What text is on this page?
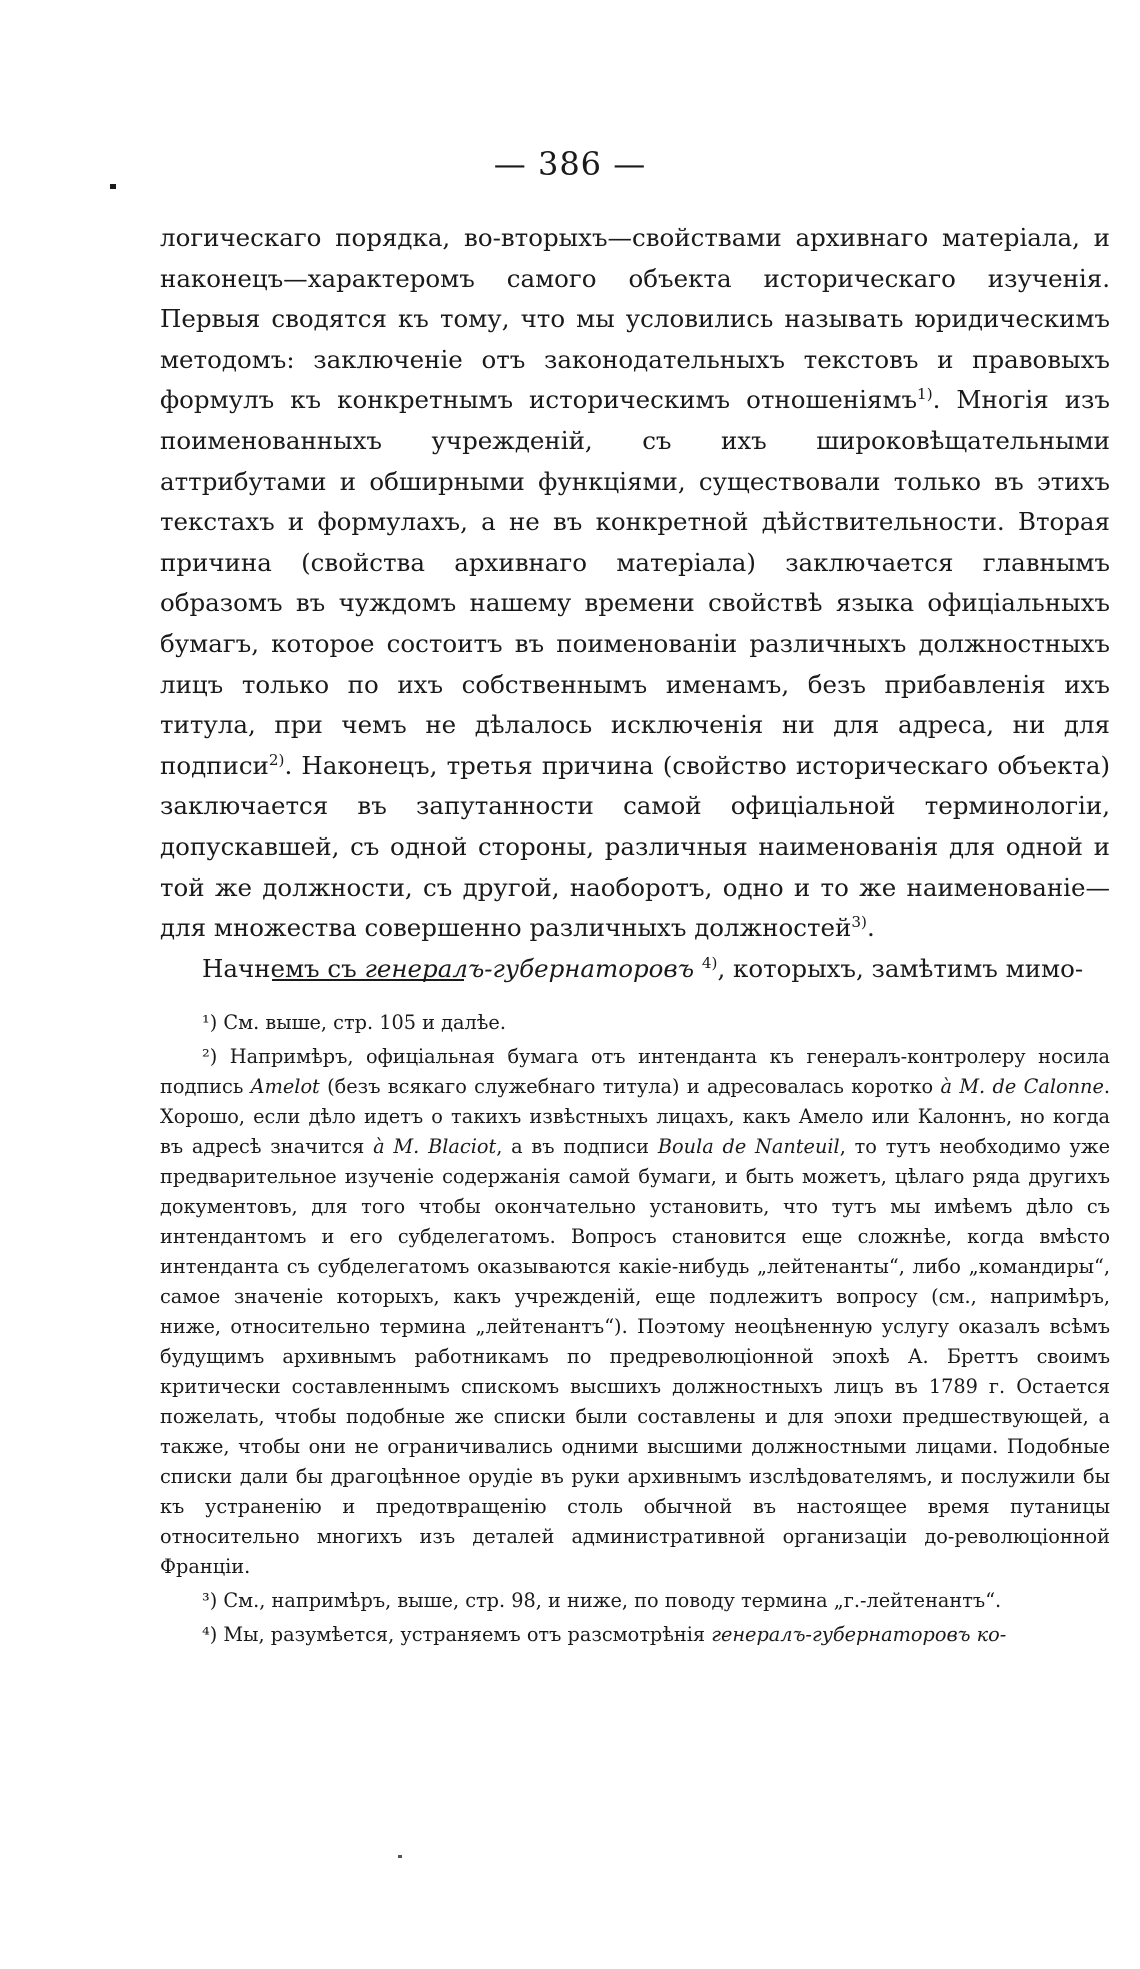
— 386 —

логическаго порядка, во-вторыхъ—свойствами архивнаго матеріала, и наконецъ—характеромъ самого объекта историческаго изученія. Первыя сводятся къ тому, что мы условились называть юридическимъ методомъ: заключеніе отъ законодательныхъ текстовъ и правовыхъ формулъ къ конкретнымъ историческимъ отношеніямъ$^{1)}$. Многія изъ поименованныхъ учрежденій, съ ихъ широковѣщательными аттрибутами и обширными функціями, существовали только въ этихъ текстахъ и формулахъ, а не въ конкретной дѣйствительности. Вторая причина (свойства архивнаго матеріала) заключается главнымъ образомъ въ чуждомъ нашему времени свойствѣ языка офиціальныхъ бумагъ, которое состоитъ въ поименованіи различныхъ должностныхъ лицъ только по ихъ собственнымъ именамъ, безъ прибавленія ихъ титула, при чемъ не дѣлалось исключенія ни для адреса, ни для подписи$^{2)}$. Наконецъ, третья причина (свойство историческаго объекта) заключается въ запутанности самой офиціальной терминологіи, допускавшей, съ одной стороны, различныя наименованія для одной и той же должности, съ другой, наоборотъ, одно и то же наименованіе—для множества совершенно различныхъ должностей$^{3)}$.

Начнемъ съ генералъ-губернаторовъ $^{4)}$, которыхъ, замѣтимъ мимо-

¹) См. выше, стр. 105 и далѣе.

²) Напримѣръ, офиціальная бумага отъ интенданта къ генералъ-контролеру носила подпись Amelot (безъ всякаго служебнаго титула) и адресовалась коротко à M. de Calonne. Хорошо, если дѣло идетъ о такихъ извѣстныхъ лицахъ, какъ Амело или Калоннъ, но когда въ адресѣ значится à M. Blaciot, а въ подписи Boula de Nanteuil, то тутъ необходимо уже предварительное изученіе содержанія самой бумаги, и быть можетъ, цѣлаго ряда другихъ документовъ, для того чтобы окончательно установить, что тутъ мы имѣемъ дѣло съ интендантомъ и его субделегатомъ. Вопросъ становится еще сложнѣе, когда вмѣсто интенданта съ субделегатомъ оказываются какіе-нибудь „лейтенанты“, либо „командиры“, самое значеніе которыхъ, какъ учрежденій, еще подлежитъ вопросу (см., напримѣръ, ниже, относительно термина „лейтенантъ“). Поэтому неоцѣненную услугу оказалъ всѣмъ будущимъ архивнымъ работникамъ по предреволюціонной эпохѣ А. Бреттъ своимъ критически составленнымъ спискомъ высшихъ должностныхъ лицъ въ 1789 г. Остается пожелать, чтобы подобные же списки были составлены и для эпохи предшествующей, а также, чтобы они не ограничивались одними высшими должностными лицами. Подобные списки дали бы драгоцѣнное орудіе въ руки архивнымъ изслѣдователямъ, и послужили бы къ устраненію и предотвращенію столь обычной въ настоящее время путаницы относительно многихъ изъ деталей административной организаціи до-революціонной Франціи.

³) См., напримѣръ, выше, стр. 98, и ниже, по поводу термина „г.-лейтенантъ“.

⁴) Мы, разумѣется, устраняемъ отъ разсмотрѣнія генералъ-губернаторовъ ко-
